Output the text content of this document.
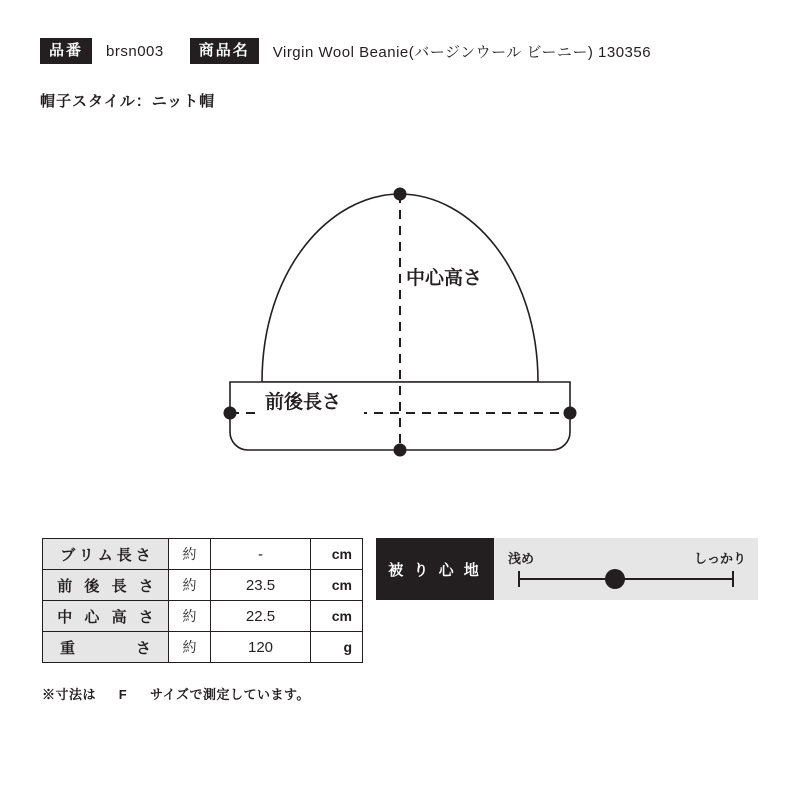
品番	brsn003	商品名	Virgin Wool Beanie(バージンウール ビーニー) 130356
帽子スタイル：ニット帽
中心高さ
前後長さ
ブリム長さ	約	-	cm
前 後 長 さ	約	23.5	cm
中 心 高 さ	約	22.5	cm
重　　　さ	約	120	g
※寸法は F サイズで測定しています。
被 り 心 地
浅め	しっかり
